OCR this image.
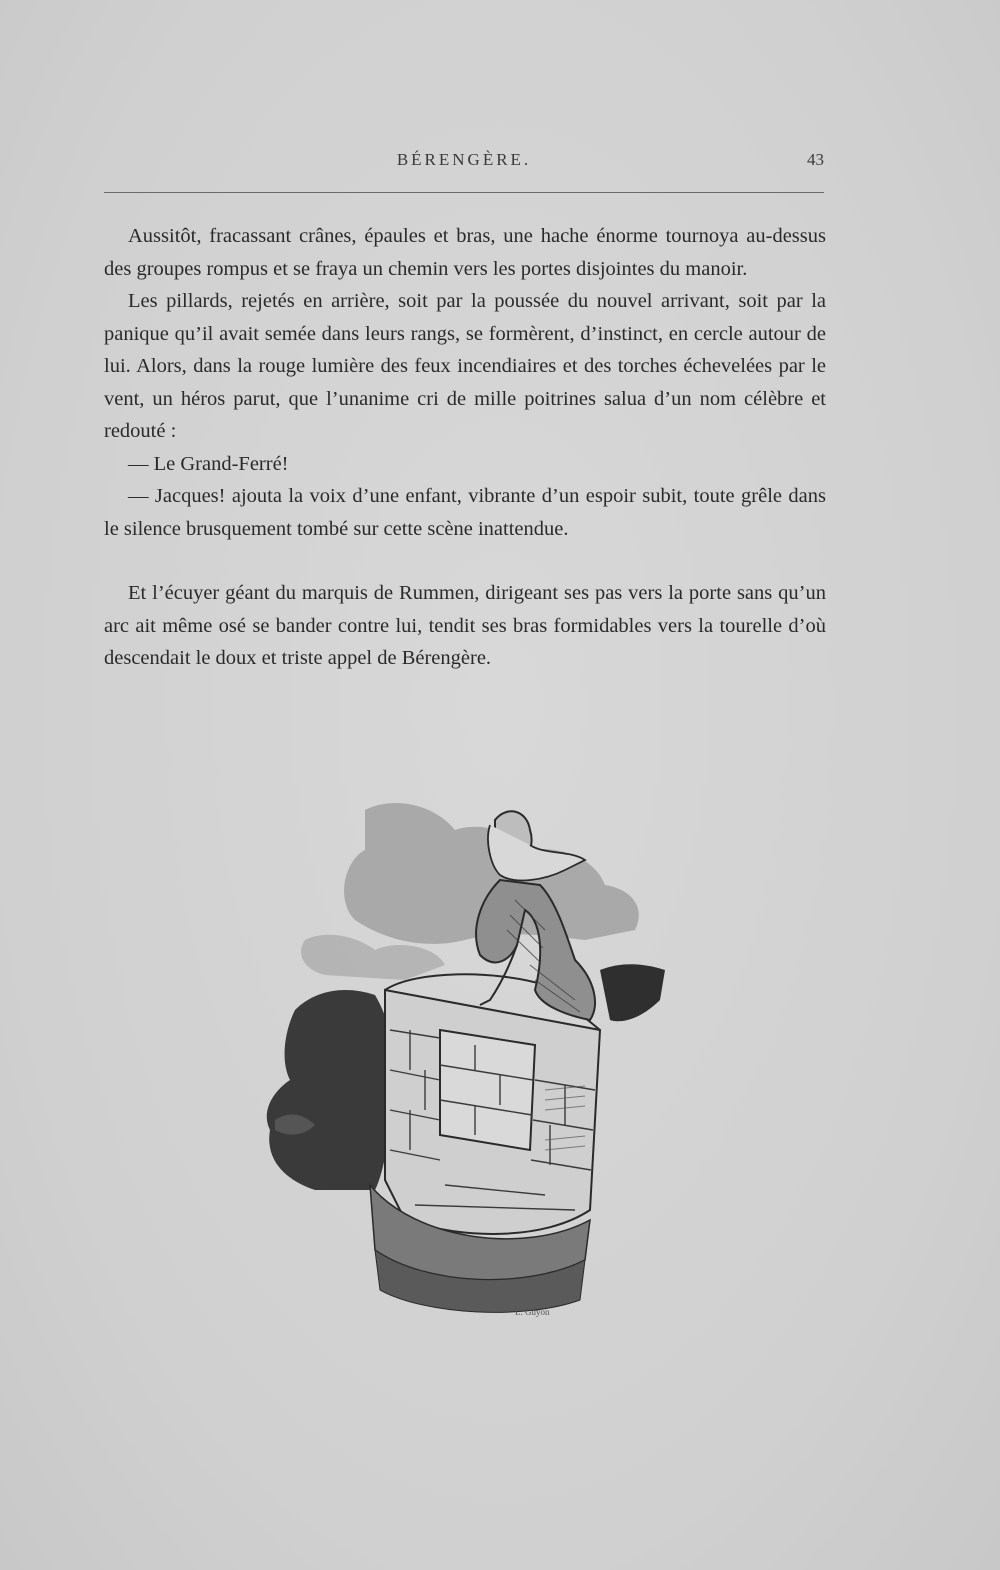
BÉRENGÈRE.	43

Aussitôt, fracassant crânes, épaules et bras, une hache énorme tournoya au-dessus des groupes rompus et se fraya un chemin vers les portes disjointes du manoir.

Les pillards, rejetés en arrière, soit par la poussée du nouvel arrivant, soit par la panique qu’il avait semée dans leurs rangs, se formèrent, d’instinct, en cercle autour de lui. Alors, dans la rouge lumière des feux incendiaires et des torches échevelées par le vent, un héros parut, que l’unanime cri de mille poitrines salua d’un nom célèbre et redouté :

— Le Grand-Ferré!

— Jacques! ajouta la voix d’une enfant, vibrante d’un espoir subit, toute grêle dans le silence brusquement tombé sur cette scène inattendue.

Et l’écuyer géant du marquis de Rummen, dirigeant ses pas vers la porte sans qu’un arc ait même osé se bander contre lui, tendit ses bras formidables vers la tourelle d’où descendait le doux et triste appel de Bérengère.

L. Guyon
